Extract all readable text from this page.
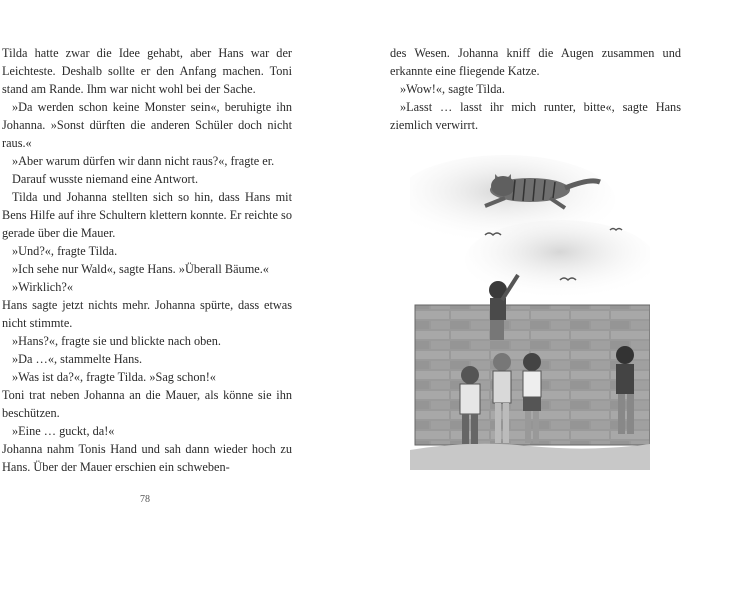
Tilda hatte zwar die Idee gehabt, aber Hans war der Leichteste. Deshalb sollte er den Anfang machen. Toni stand am Rande. Ihm war nicht wohl bei der Sache.

»Da werden schon keine Monster sein«, beruhigte ihn Johanna. »Sonst dürften die anderen Schüler doch nicht raus.«

»Aber warum dürfen wir dann nicht raus?«, fragte er.

Darauf wusste niemand eine Antwort.

Tilda und Johanna stellten sich so hin, dass Hans mit Bens Hilfe auf ihre Schultern klettern konnte. Er reichte so gerade über die Mauer.

»Und?«, fragte Tilda.

»Ich sehe nur Wald«, sagte Hans. »Überall Bäume.«

»Wirklich?«

Hans sagte jetzt nichts mehr. Johanna spürte, dass etwas nicht stimmte.

»Hans?«, fragte sie und blickte nach oben.

»Da …«, stammelte Hans.

»Was ist da?«, fragte Tilda. »Sag schon!«

Toni trat neben Johanna an die Mauer, als könne sie ihn beschützen.

»Eine … guckt, da!«

Johanna nahm Tonis Hand und sah dann wieder hoch zu Hans. Über der Mauer erschien ein schweben-

78

des Wesen. Johanna kniff die Augen zusammen und erkannte eine fliegende Katze.

»Wow!«, sagte Tilda.

»Lasst … lasst ihr mich runter, bitte«, sagte Hans ziemlich verwirrt.
